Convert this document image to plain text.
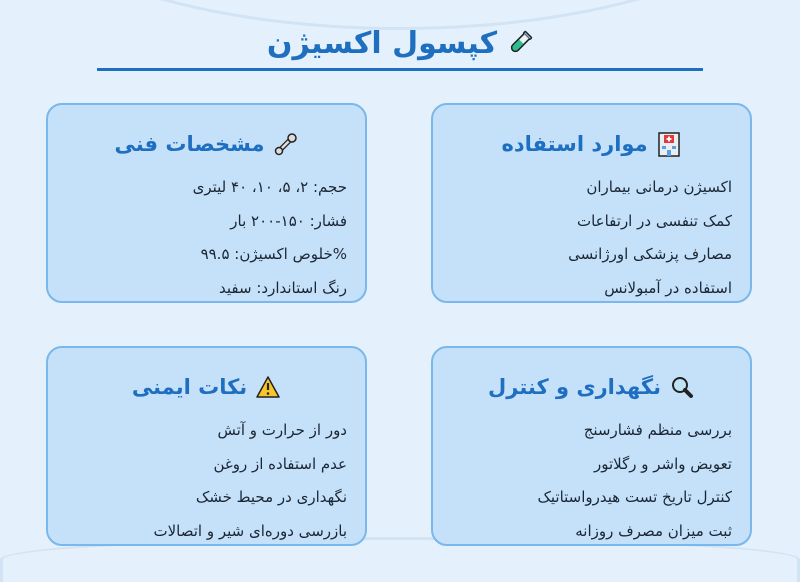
کپسول اکسیژن
موارد استفاده
اکسیژن درمانی بیماران
کمک تنفسی در ارتفاعات
مصارف پزشکی اورژانسی
استفاده در آمبولانس
مشخصات فنی
حجم: ۲، ۵، ۱۰، ۴۰ لیتری
فشار: ۱۵۰-۲۰۰ بار
%خلوص اکسیژن: ۹۹.۵
رنگ استاندارد: سفید
نگهداری و کنترل
بررسی منظم فشارسنج
تعویض واشر و رگلاتور
کنترل تاریخ تست هیدرواستاتیک
ثبت میزان مصرف روزانه
نکات ایمنی
دور از حرارت و آتش
عدم استفاده از روغن
نگهداری در محیط خشک
بازرسی دوره‌ای شیر و اتصالات
